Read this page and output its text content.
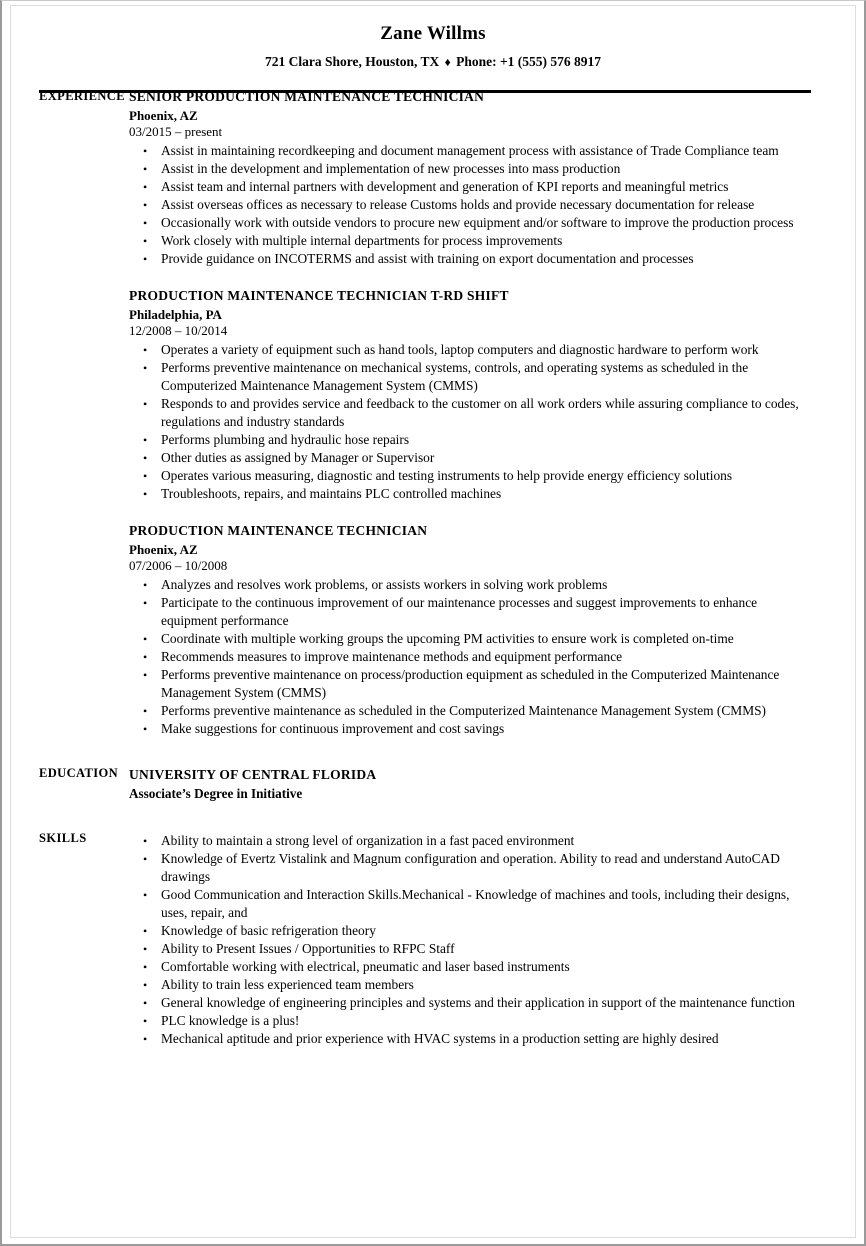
Zane Willms
721 Clara Shore, Houston, TX ♦ Phone: +1 (555) 576 8917
EXPERIENCE SENIOR PRODUCTION MAINTENANCE TECHNICIAN
Phoenix, AZ
03/2015 – present
• Assist in maintaining recordkeeping and document management process with assistance of Trade Compliance team
• Assist in the development and implementation of new processes into mass production
• Assist team and internal partners with development and generation of KPI reports and meaningful metrics
• Assist overseas offices as necessary to release Customs holds and provide necessary documentation for release
• Occasionally work with outside vendors to procure new equipment and/or software to improve the production process
• Work closely with multiple internal departments for process improvements
• Provide guidance on INCOTERMS and assist with training on export documentation and processes
PRODUCTION MAINTENANCE TECHNICIAN T-RD SHIFT
Philadelphia, PA
12/2008 – 10/2014
• Operates a variety of equipment such as hand tools, laptop computers and diagnostic hardware to perform work
• Performs preventive maintenance on mechanical systems, controls, and operating systems as scheduled in the Computerized Maintenance Management System (CMMS)
• Responds to and provides service and feedback to the customer on all work orders while assuring compliance to codes, regulations and industry standards
• Performs plumbing and hydraulic hose repairs
• Other duties as assigned by Manager or Supervisor
• Operates various measuring, diagnostic and testing instruments to help provide energy efficiency solutions
• Troubleshoots, repairs, and maintains PLC controlled machines
PRODUCTION MAINTENANCE TECHNICIAN
Phoenix, AZ
07/2006 – 10/2008
• Analyzes and resolves work problems, or assists workers in solving work problems
• Participate to the continuous improvement of our maintenance processes and suggest improvements to enhance equipment performance
• Coordinate with multiple working groups the upcoming PM activities to ensure work is completed on-time
• Recommends measures to improve maintenance methods and equipment performance
• Performs preventive maintenance on process/production equipment as scheduled in the Computerized Maintenance Management System (CMMS)
• Performs preventive maintenance as scheduled in the Computerized Maintenance Management System (CMMS)
• Make suggestions for continuous improvement and cost savings
EDUCATION UNIVERSITY OF CENTRAL FLORIDA
Associate’s Degree in Initiative
SKILLS	• Ability to maintain a strong level of organization in a fast paced environment
• Knowledge of Evertz Vistalink and Magnum configuration and operation. Ability to read and understand AutoCAD drawings
• Good Communication and Interaction Skills.Mechanical - Knowledge of machines and tools, including their designs, uses, repair, and
• Knowledge of basic refrigeration theory
• Ability to Present Issues / Opportunities to RFPC Staff
• Comfortable working with electrical, pneumatic and laser based instruments
• Ability to train less experienced team members
• General knowledge of engineering principles and systems and their application in support of the maintenance function
• PLC knowledge is a plus!
• Mechanical aptitude and prior experience with HVAC systems in a production setting are highly desired
